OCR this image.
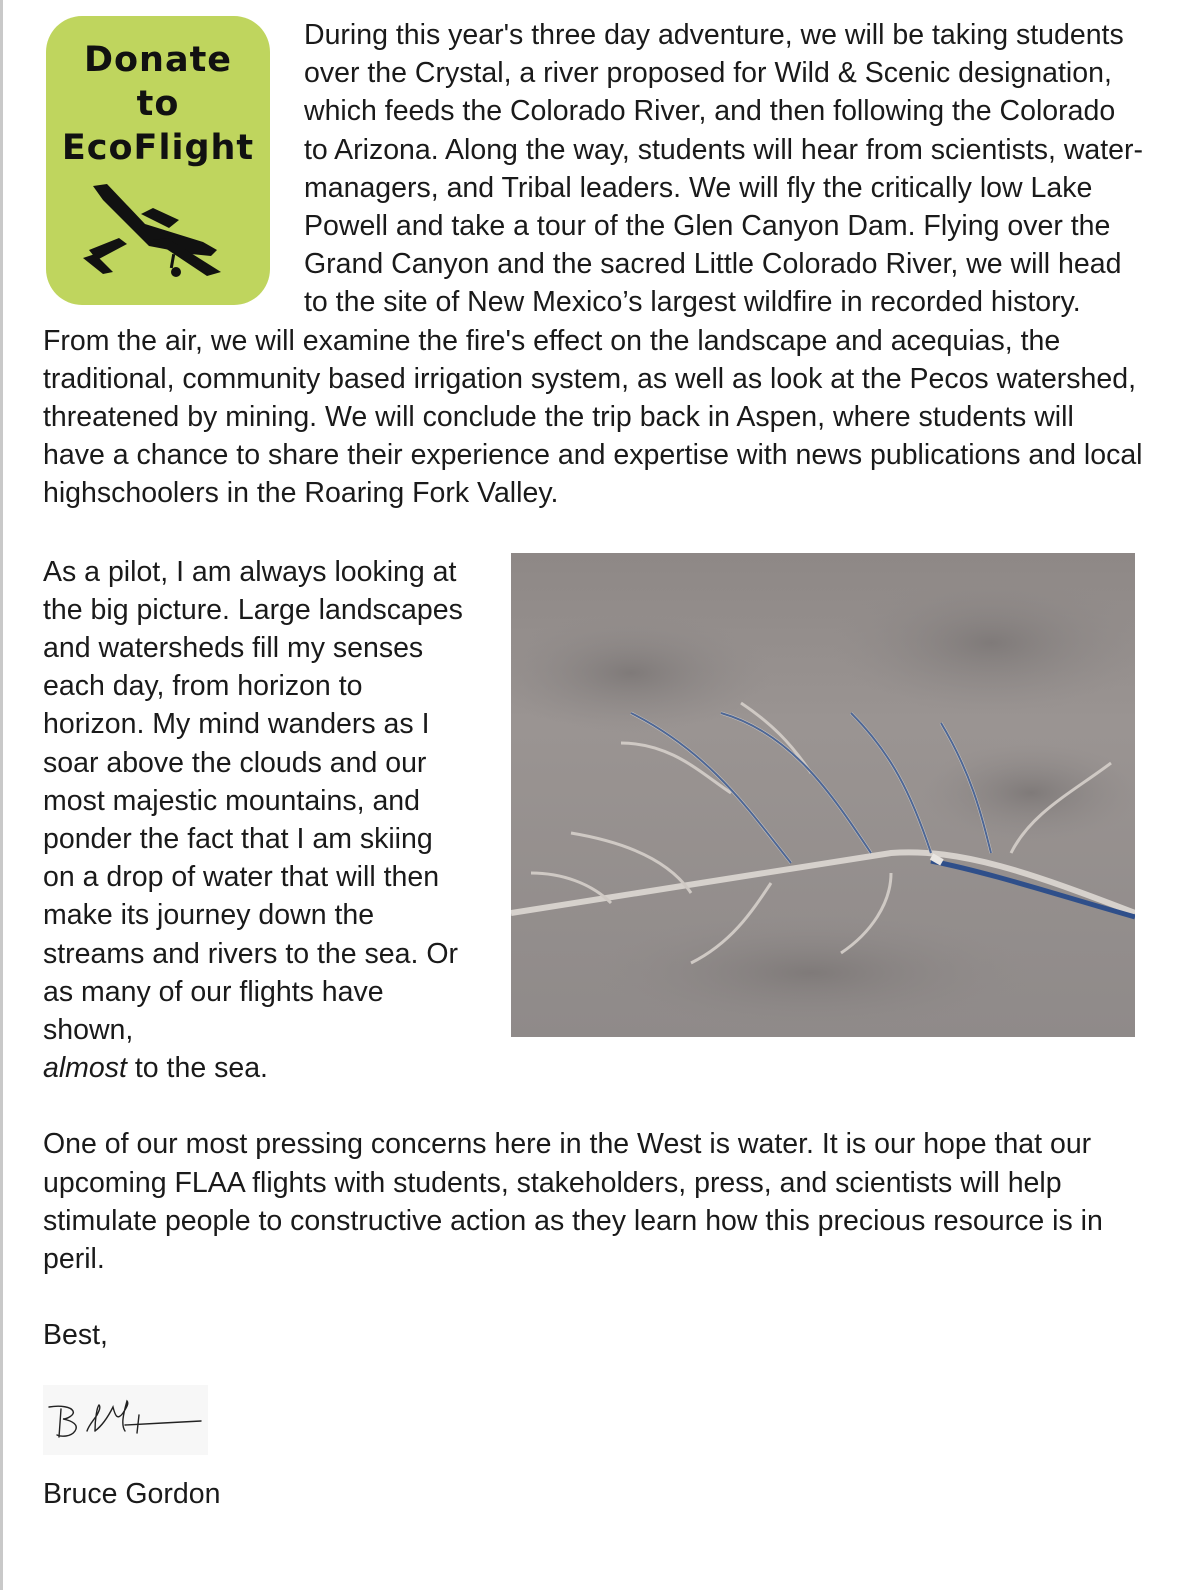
Donate
to
EcoFlight

During this year's three day adventure, we will be taking students over the Crystal, a river proposed for Wild & Scenic designation, which feeds the Colorado River, and then following the Colorado to Arizona. Along the way, students will hear from scientists, water-managers, and Tribal leaders. We will fly the critically low Lake Powell and take a tour of the Glen Canyon Dam. Flying over the Grand Canyon and the sacred Little Colorado River, we will head to the site of New Mexico’s largest wildfire in recorded history. From the air, we will examine the fire's effect on the landscape and acequias, the traditional, community based irrigation system, as well as look at the Pecos watershed, threatened by mining. We will conclude the trip back in Aspen, where students will have a chance to share their experience and expertise with news publications and local highschoolers in the Roaring Fork Valley.

As a pilot, I am always looking at the big picture. Large landscapes and watersheds fill my senses each day, from horizon to horizon. My mind wanders as I soar above the clouds and our most majestic mountains, and ponder the fact that I am skiing on a drop of water that will then make its journey down the streams and rivers to the sea. Or as many of our flights have shown,
almost to the sea.

One of our most pressing concerns here in the West is water. It is our hope that our upcoming FLAA flights with students, stakeholders, press, and scientists will help stimulate people to constructive action as they learn how this precious resource is in peril.

Best,

Bruce Gordon
